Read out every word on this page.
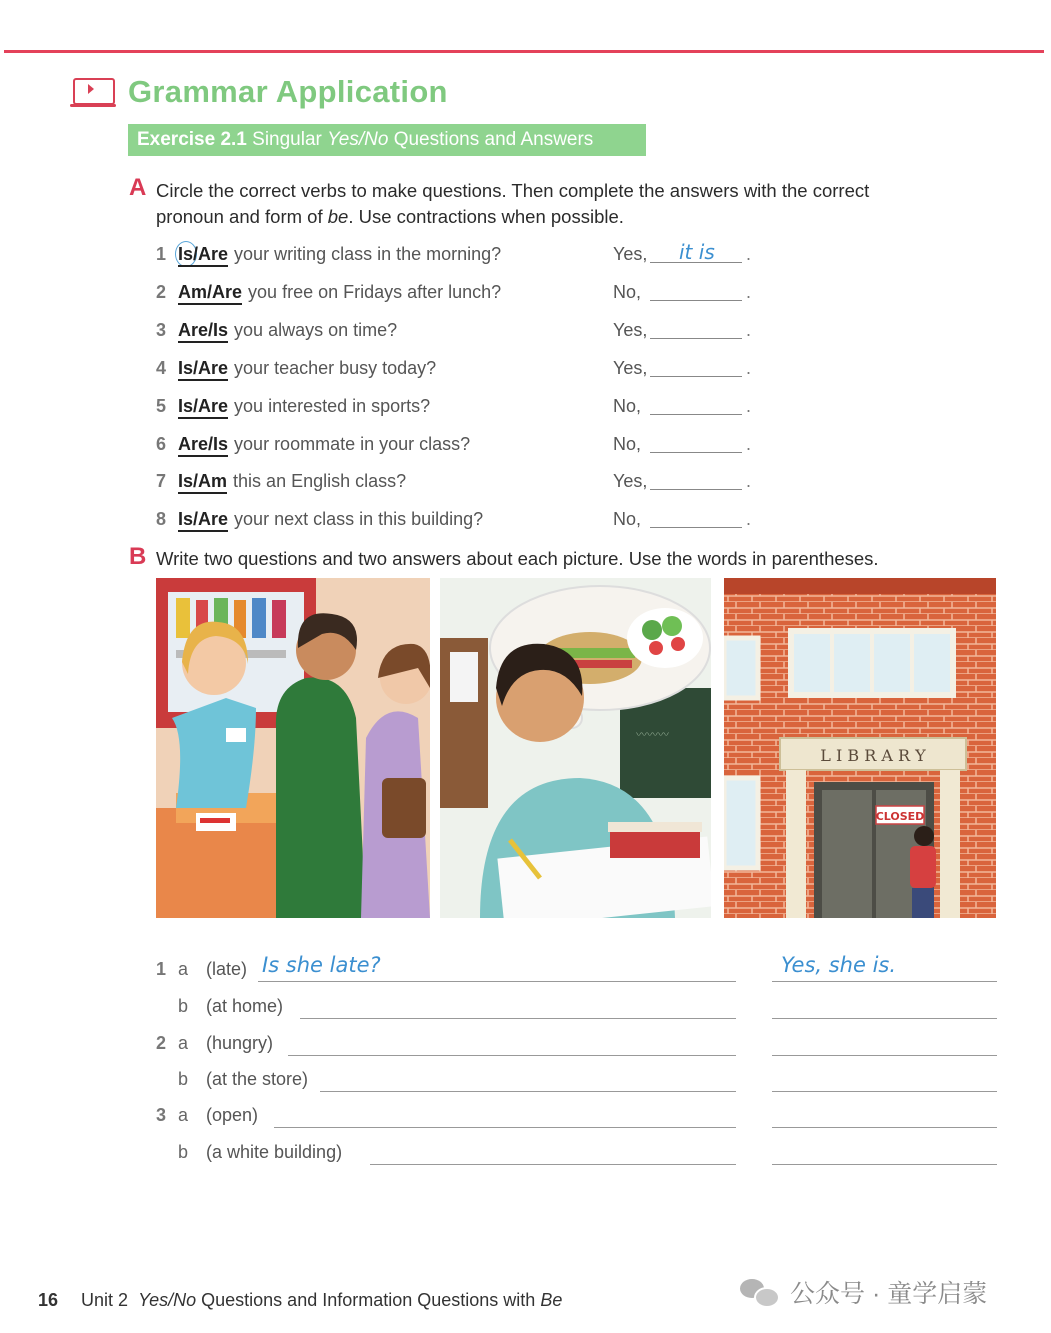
Grammar Application
Exercise 2.1 Singular Yes/No Questions and Answers
A Circle the correct verbs to make questions. Then complete the answers with the correct
pronoun and form of be. Use contractions when possible.
1 Is/Are your writing class in the morning?	Yes, it is .
2 Am/Are you free on Fridays after lunch?	No,	.
3 Are/Is you always on time?	Yes,	.
4 Is/Are your teacher busy today?	Yes,	.
5 Is/Are you interested in sports?	No,	.
6 Are/Is your roommate in your class?	No,	.
7 Is/Am this an English class?	Yes,	.
8 Is/Are your next class in this building?	No,	.
B Write two questions and two answers about each picture. Use the words in parentheses.
〰〰〰
L I B R A R Y
CLOSED
1 a (late) Is she late?	Yes, she is.
b (at home)
2 a (hungry)
b (at the store)
3 a (open)
b (a white building)
16 Unit 2 Yes/No Questions and Information Questions with Be	公众号 · 童学启蒙
